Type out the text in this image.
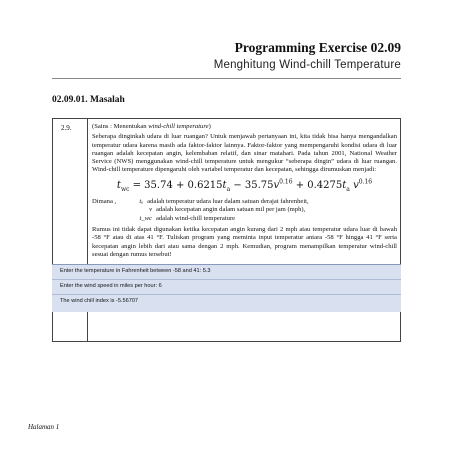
Programming Exercise 02.09
Menghitung Wind-chill Temperature
02.09.01. Masalah
2.9.	(Sains : Menentukan wind-chill temperature)

Seberapa dinginkah udara di luar ruangan? Untuk menjawab pertanyaan ini, kita tidak bisa hanya mengandalkan temperatur udara karena masih ada faktor-faktor lainnya. Faktor-faktor yang mempengaruhi kondisi udara di luar ruangan adalah kecepatan angin, kelembaban relatif, dan sinar matahari. Pada tahun 2001, National Weather Service (NWS) menggunakan wind-chill temperature untuk mengukur “seberapa dingin” udara di luar ruangan. Wind-chill temperature dipengaruhi oleh variabel temperatur dan kecepatan, sehingga dirumuskan menjadi:

$t_{wc} = 35.74 + 0.6215t_a - 35.75v^{0.16} + 0.4275t_a$ $v^{0.16}$
Dimana ,	tₐ adalah temperatur udara luar dalam satuan derajat fahrenheit,
v adalah kecepatan angin dalam satuan mil per jam (mph),
t_wc adalah wind-chill temperature

Rumus ini tidak dapat digunakan ketika kecepatan angin kurang dari 2 mph atau temperatur udara luar di bawah -58 °F atau di atas 41 °F. Tuliskan program yang meminta input temperatur antara -58 °F hingga 41 °F serta kecepatan angin lebih dari atau sama dengan 2 mph. Kemudian, program menampilkan temperatur wind-chill sesuai dengan rumus tersebut!

Enter the temperature in Fahrenheit between -58 and 41: 5.3
Enter the wind speed in miles per hour: 6
The wind chill index is -5.56707
Halaman 1
